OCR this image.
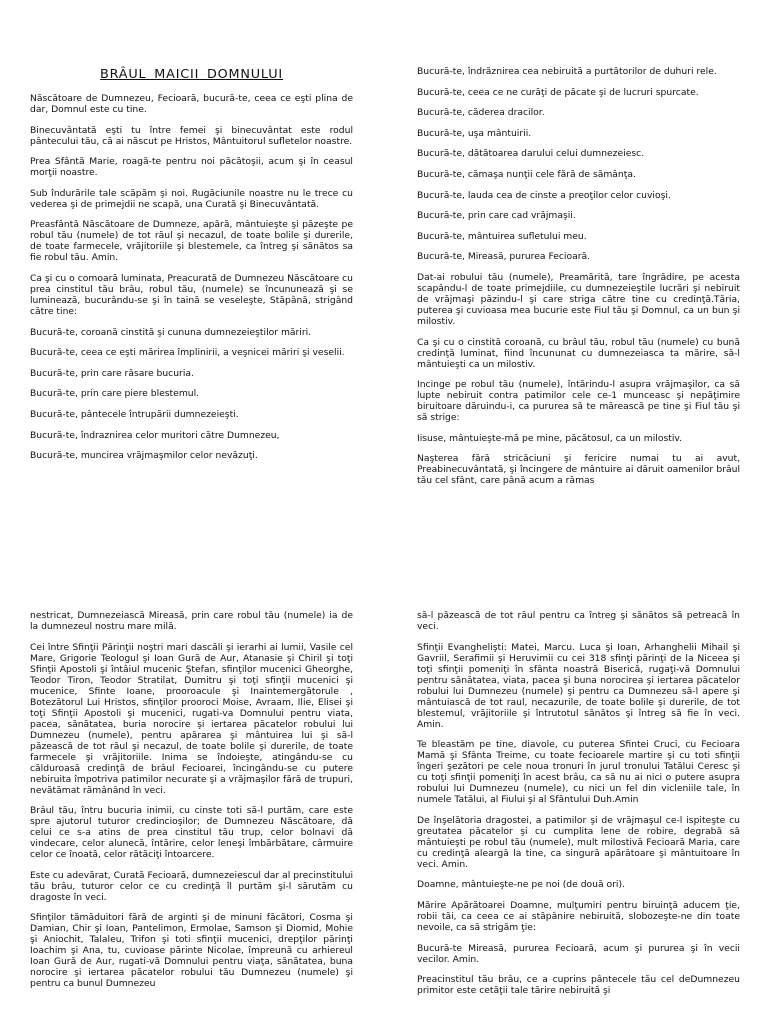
BRÂUL MAICII DOMNULUI

Născătoare de Dumnezeu, Fecioară, bucură-te, ceea ce eşti plina de dar, Domnul este cu tine.

Binecuvântată eşti tu între femei şi binecuvântat este rodul pântecului tău, că ai născut pe Hristos, Mântuitorul sufletelor noastre.

Prea Sfântă Marie, roagă-te pentru noi păcătoşii, acum şi în ceasul morţii noastre.

Sub îndurările tale scăpăm şi noi. Rugăciunile noastre nu le trece cu vederea şi de primejdii ne scapă, una Curată şi Binecuvântată.

Preasfântă Născătoare de Dumneze, apără, mântuieşte şi păzeşte pe robul tău (numele) de tot răul şi necazul, de toate bolile şi durerile, de toate farmecele, vrăjitoriile şi blestemele, ca întreg şi sănătos sa fie robul tău. Amin.

Ca şi cu o comoară luminata, Preacurată de Dumnezeu Născătoare cu prea cinstitul tău brâu, robul tău, (numele) se încununează şi se luminează, bucurându-se şi în taină se veseleşte, Stăpână, strigând către tine:

Bucură-te, coroană cinstită şi cununa dumnezeieştilor măriri.

Bucură-te, ceea ce eşti mărirea împlinirii, a veşnicei măriri şi veselii.

Bucură-te, prin care răsare bucuria.

Bucură-te, prin care piere blestemul.

Bucură-te, pântecele întrupării dumnezeieşti.

Bucură-te, îndraznirea celor muritori către Dumnezeu,

Bucură-te, muncirea vrăjmaşmilor celor nevăzuţi.

Bucură-te, îndrăznirea cea nebiruită a purtătorilor de duhuri rele.

Bucură-te, ceea ce ne curăţi de păcate şi de lucruri spurcate.

Bucură-te, căderea dracilor.

Bucură-te, uşa mântuirii.

Bucură-te, dătătoarea darului celui dumnezeiesc.

Bucură-te, cămaşa nunţii cele fără de sămânţa.

Bucură-te, lauda cea de cinste a preoţilor celor cuvioşi.

Bucură-te, prin care cad vrăjmaşii.

Bucură-te, mântuirea sufletului meu.

Bucură-te, Mireasă, pururea Fecioară.

Dat-ai robului tău (numele), Preamărită, tare îngrădire, pe acesta scapându-l de toate primejdiile, cu dumnezeieştile lucrări şi nebiruit de vrăjmaşi păzindu-l şi care striga către tine cu credinţă.Tăria, puterea şi cuvioasa mea bucurie este Fiul tău şi Domnul, ca un bun şi milostiv.

Ca şi cu o cinstită coroană, cu brâul tău, robul tău (numele) cu bună credinţă luminat, fiind încununat cu dumnezeiasca ta mărire, să-l mântuieşti ca un milostiv.

Incinge pe robul tău (numele), întărindu-l asupra vrăjmaşilor, ca să lupte nebiruit contra patimilor cele ce-1 munceasc şi nepăţimire biruitoare dăruindu-i, ca pururea să te mărească pe tine şi Fiul tău şi să strige:

Iisuse, mântuieşte-mă pe mine, păcătosul, ca un milostiv.

Naşterea fără stricăciuni şi fericire numai tu ai avut, Preabinecuvântată, şi încingere de mântuire ai dăruit oamenilor brâul tău cel sfânt, care până acum a rămas

nestricat, Dumnezeiască Mireasă, prin care robul tău (numele) ia de la dumnezeul nostru mare milă.

Cei între Sfinţii Părinţii noştri mari dascăli şi ierarhi ai lumii, Vasile cel Mare, Grigorie Teologul şi Ioan Gură de Aur, Atanasie şi Chiril şi toţi Sfinţii Apostoli şi întâiul mucenic Ştefan, sfinţilor mucenici Gheorghe, Teodor Tiron, Teodor Stratilat, Dumitru şi toţi sfinţii mucenici şi mucenice, Sfinte Ioane, prooroacule şi Inaintemergătorule , Botezătorul Lui Hristos, sfinţilor prooroci Moise, Avraam, Ilie, Elisei şi toţi Sfinţii Apostoli şi mucenici, rugati-va Domnului pentru viata, pacea, sănătatea, buria norocire şi iertarea păcatelor robului lui Dumnezeu (numele), pentru apărarea şi mântuirea lui şi să-l păzească de tot răul şi necazul, de toate bolile şi durerile, de toate farmecele şi vrăjitoriile. Inima se îndoieşte, atingându-se cu călduroasă credinţă de brâul Fecioarei, încingându-se cu putere nebiruita împotriva patimilor necurate şi a vrăjmaşilor fără de trupuri, nevătămat rămânând în veci.

Brâul tău, întru bucuria inimii, cu cinste toti să-l purtăm, care este spre ajutorul tuturor credincioşilor; de Dumnezeu Născătoare, dă celui ce s-a atins de prea cinstitul tău trup, celor bolnavi dă vindecare, celor alunecă, întărire, celor leneşi îmbărbătare, cârmuire celor ce înoată, celor rătăciţi întoarcere.

Este cu adevărat, Curată Fecioară, dumnezeiescul dar al precinstitului tău brâu, tuturor celor ce cu credinţă îl purtăm şi-l sărutăm cu dragoste în veci.

Sfinţilor tămăduitori fără de arginti şi de minuni făcători, Cosma şi Damian, Chir şi Ioan, Pantelimon, Ermolae, Samson şi Diomid, Mohie şi Aniochit, Talaleu, Trifon şi toti sfinţii mucenici, drepţilor părinţi Ioachim şi Ana, tu, cuvioase părinte Nicolae, împreună cu arhiereul Ioan Gură de Aur, rugati-vă Domnului pentru viaţa, sănătatea, buna norocire şi iertarea păcatelor robului tău Dumnezeu (numele) şi pentru ca bunul Dumnezeu

să-l păzească de tot răul pentru ca întreg şi sănătos să petreacă în veci.

Sfinţii Evanghelişti: Matei, Marcu. Luca şi Ioan, Arhanghelii Mihail şi Gavriil, Serafimii şi Heruvimii cu cei 318 sfinţi părinţi de la Niceea şi toţi sfinţii pomeniţi în sfânta noastră Biserică, rugaţi-vă Domnului pentru sănătatea, viata, pacea şi buna norocirea şi iertarea păcatelor robului lui Dumnezeu (numele) şi pentru ca Dumnezeu să-l apere şi mântuiască de tot raul, necazurile, de toate bolile şi durerile, de tot blestemul, vrăjitoriile şi întrutotul sănătos şi întreg să fie în veci. Amin.

Te bleastăm pe tine, diavole, cu puterea Sfintei Cruci, cu Fecioara Mamă şi Sfânta Treime, cu toate fecioarele martire şi cu toti sfinţii îngeri şezători pe cele noua tronuri în jurul tronului Tatălui Ceresc şi cu toţi sfinţii pomeniţi în acest brâu, ca să nu ai nici o putere asupra robului lui Dumnezeu (numele), cu nici un fel din vicleniile tale, în numele Tatălui, al Fiului şi al Sfântului Duh.Amin

De înşelătoria dragostei, a patimilor şi de vrăjmaşul ce-l ispiteşte cu greutatea păcatelor şi cu cumplita lene de robire, degrabă să mântuieşti pe robul tău (numele), mult milostivă Fecioară Maria, care cu credinţă aleargă la tine, ca singură apărătoare şi mântuitoare în veci. Amin.

Doamne, mântuieşte-ne pe noi (de două ori).

Mărire Apărătoarei Doamne, mulţumiri pentru biruinţă aducem ţie, robii tăi, ca ceea ce ai stăpânire nebiruită, slobozeşte-ne din toate nevoile, ca să strigăm ţie:

Bucură-te Mireasă, pururea Fecioară, acum şi pururea şi în vecii vecilor. Amin.

Preacinstitul tău brâu, ce a cuprins pântecele tău cel deDumnezeu primitor este cetăţii tale tărire nebiruită şi
